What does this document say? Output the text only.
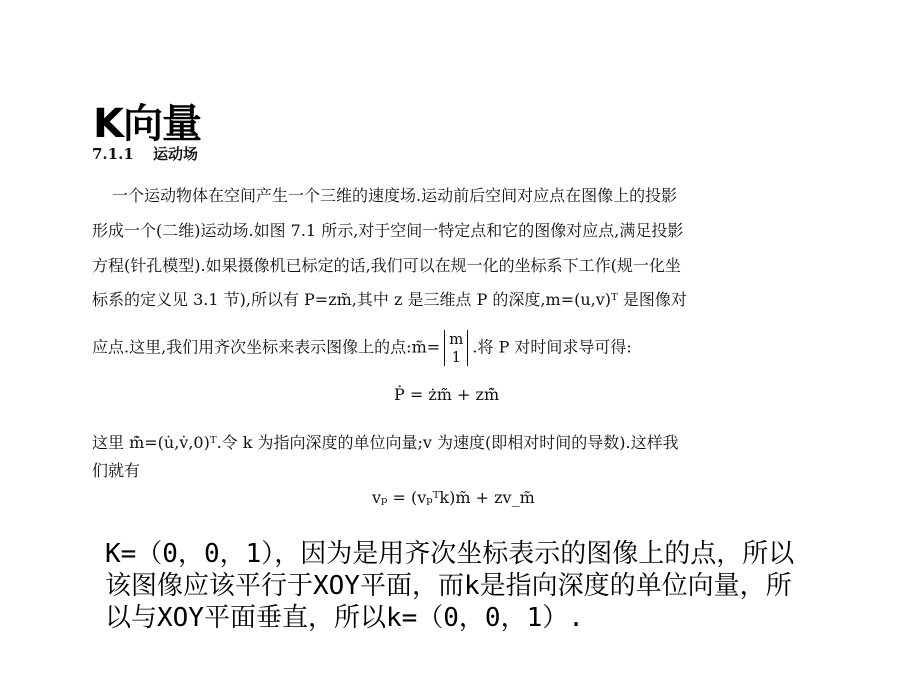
K向量
7.1.1 运动场
一个运动物体在空间产生一个三维的速度场.运动前后空间对应点在图像上的投影
形成一个(二维)运动场.如图 7.1 所示,对于空间一特定点和它的图像对应点,满足投影
方程(针孔模型).如果摄像机已标定的话,我们可以在规一化的坐标系下工作(规一化坐
标系的定义见 3.1 节),所以有 P=zm̃,其中 z 是三维点 P 的深度,m=(u,v)ᵀ 是图像对
应点.这里,我们用齐次坐标来表示图像上的点:m̃= m
1
.将 P 对时间求导可得:
Ṗ = żm̃ + zm̃̇
这里 m̃̇=(u̇,v̇,0)ᵀ.令 k 为指向深度的单位向量;v 为速度(即相对时间的导数).这样我
们就有
vₚ = (vₚᵀk)m̃ + zv_m̃
K=（0，0，1），因为是用齐次坐标表示的图像上的点，所以该图像应该平行于XOY平面，而k是指向深度的单位向量，所以与XOY平面垂直，所以k=（0，0，1）.
